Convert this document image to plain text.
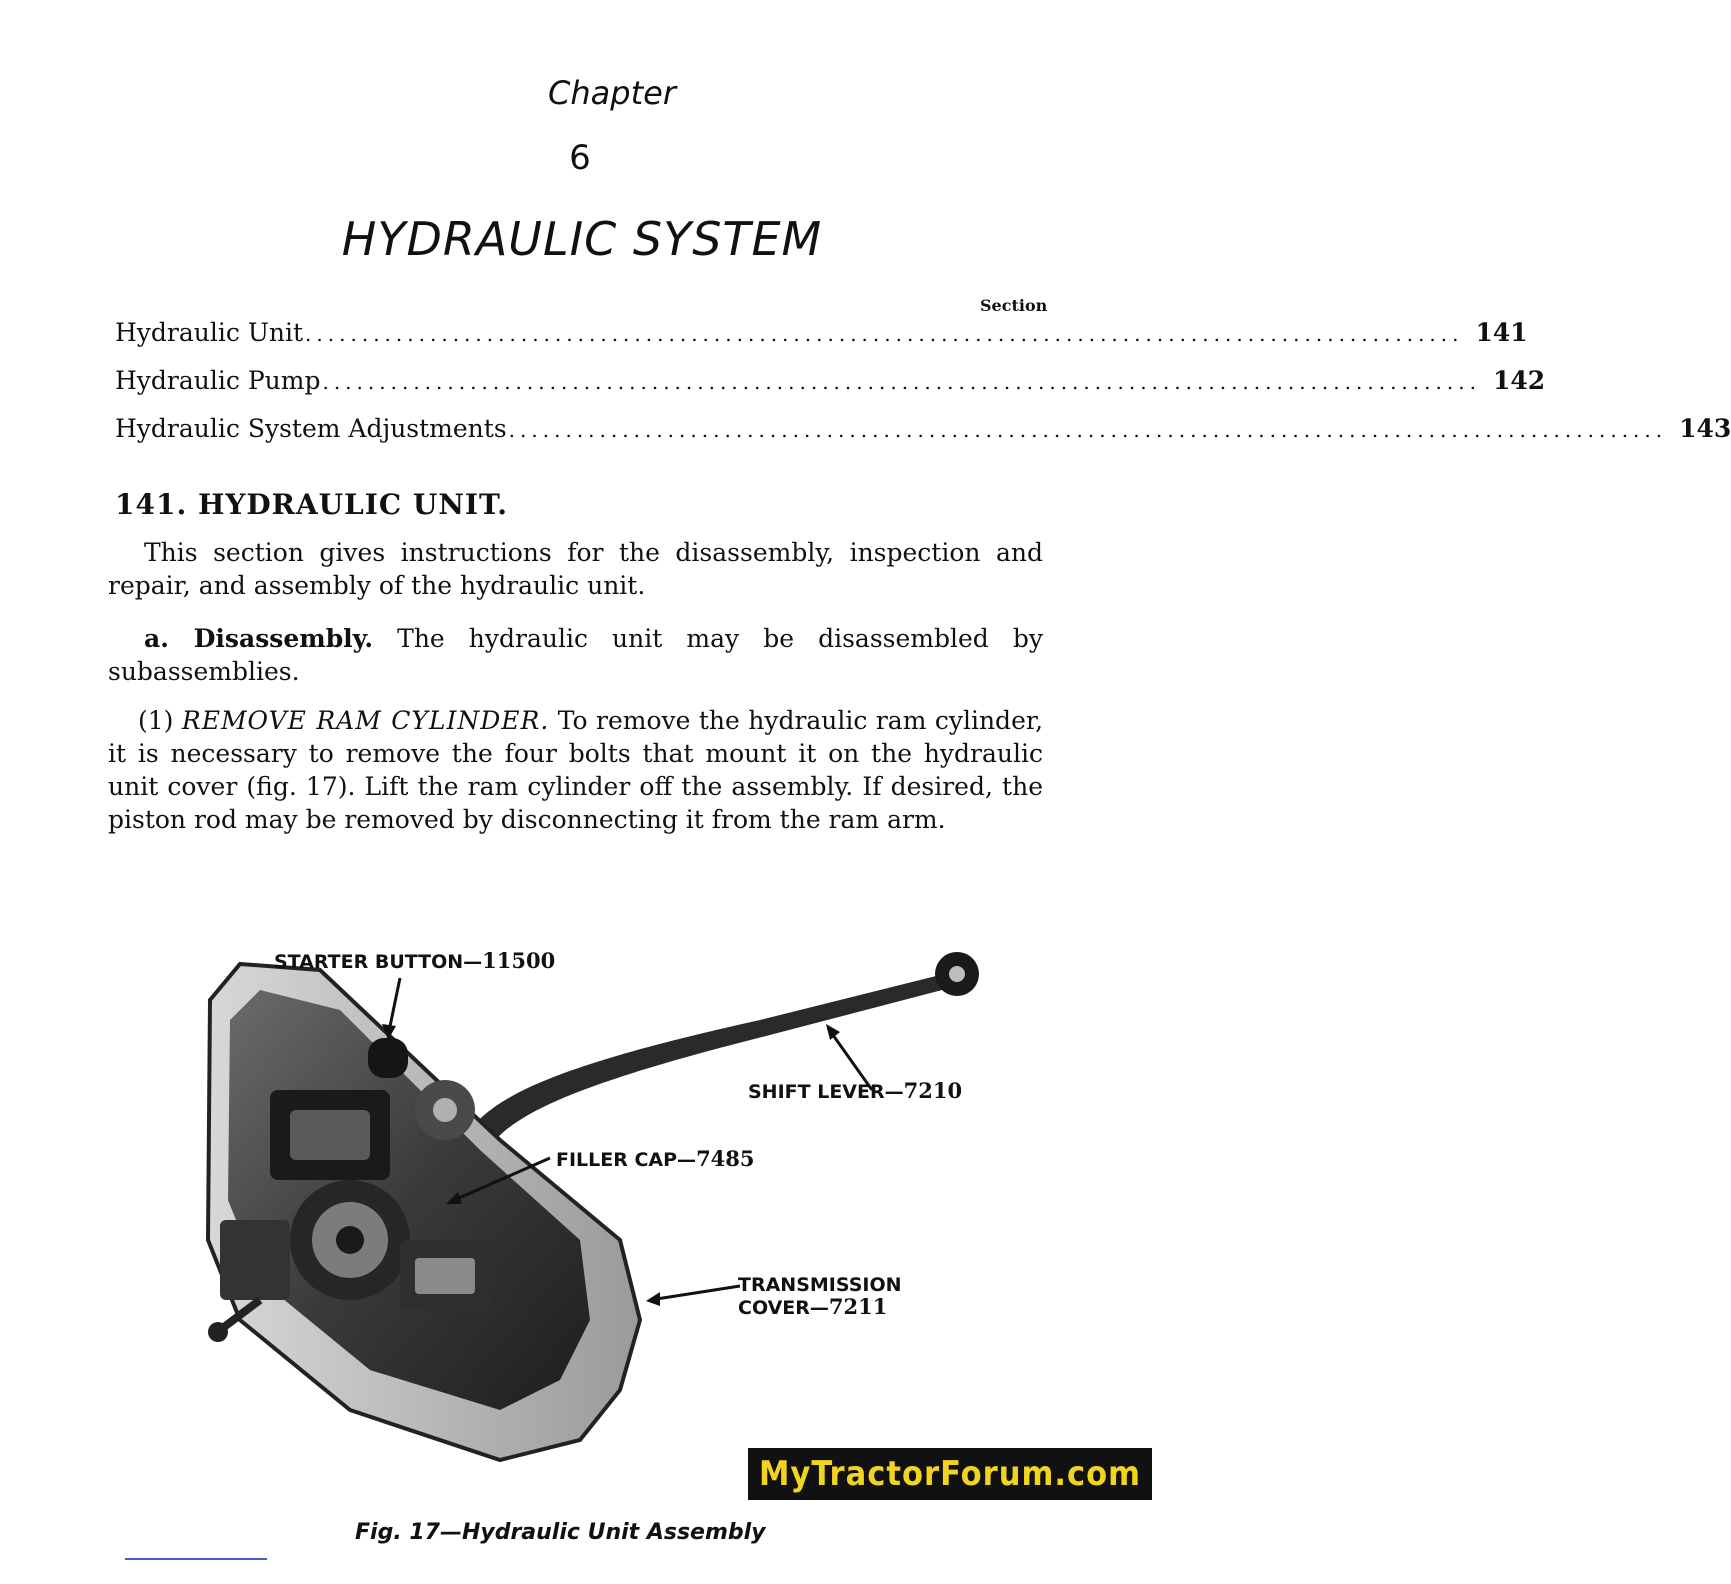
Chapter
6
HYDRAULIC SYSTEM
Section
Hydraulic Unit ...................................................................................................... 141
Hydraulic Pump ...................................................................................................... 142
Hydraulic System Adjustments ...................................................................................................... 143
141. HYDRAULIC UNIT.

This section gives instructions for the disassembly, inspection and repair, and assembly of the hydraulic unit.

a. Disassembly. The hydraulic unit may be disassembled by subassemblies.

(1) REMOVE RAM CYLINDER. To remove the hydraulic ram cylinder, it is necessary to remove the four bolts that mount it on the hydraulic unit cover (fig. 17). Lift the ram cylinder off the assembly. If desired, the piston rod may be removed by disconnecting it from the ram arm.

STARTER BUTTON—11500
SHIFT LEVER—7210
FILLER CAP—7485
TRANSMISSION
COVER—7211
MyTractorForum.com
Fig. 17—Hydraulic Unit Assembly
